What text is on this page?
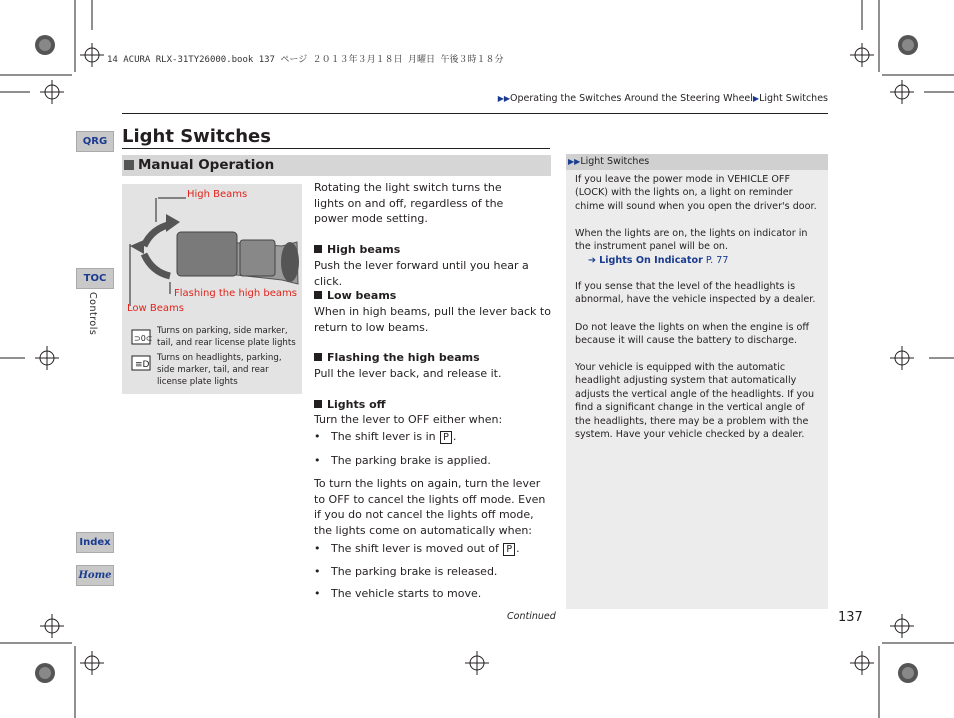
14 ACURA RLX-31TY26000.book 137 ページ ２０１３年３月１８日 月曜日 午後３時１８分
▶▶Operating the Switches Around the Steering Wheel▶Light Switches
QRG
TOC
Controls
Index
Home
Light Switches
Manual Operation
⊃0⊂
≡D
High Beams
Flashing the high beams
Low Beams
Turns on parking, side marker, tail, and rear license plate lights
Turns on headlights, parking, side marker, tail, and rear license plate lights
Rotating the light switch turns the lights on and off, regardless of the power mode setting.
High beams
Push the lever forward until you hear a click.
Low beams
When in high beams, pull the lever back to return to low beams.
Flashing the high beams
Pull the lever back, and release it.
Lights off
Turn the lever to OFF either when:
•   The shift lever is in P .
•   The parking brake is applied.
To turn the lights on again, turn the lever to OFF to cancel the lights off mode. Even if you do not cancel the lights off mode, the lights come on automatically when:
•   The shift lever is moved out of P .
•   The parking brake is released.
•   The vehicle starts to move.
▶▶Light Switches
If you leave the power mode in VEHICLE OFF (LOCK) with the lights on, a light on reminder chime will sound when you open the driver's door.
When the lights are on, the lights on indicator in the instrument panel will be on.
➔ Lights On Indicator P. 77
If you sense that the level of the headlights is abnormal, have the vehicle inspected by a dealer.
Do not leave the lights on when the engine is off because it will cause the battery to discharge.
Your vehicle is equipped with the automatic headlight adjusting system that automatically adjusts the vertical angle of the headlights. If you find a significant change in the vertical angle of the headlights, there may be a problem with the system. Have your vehicle checked by a dealer.
Continued	137
